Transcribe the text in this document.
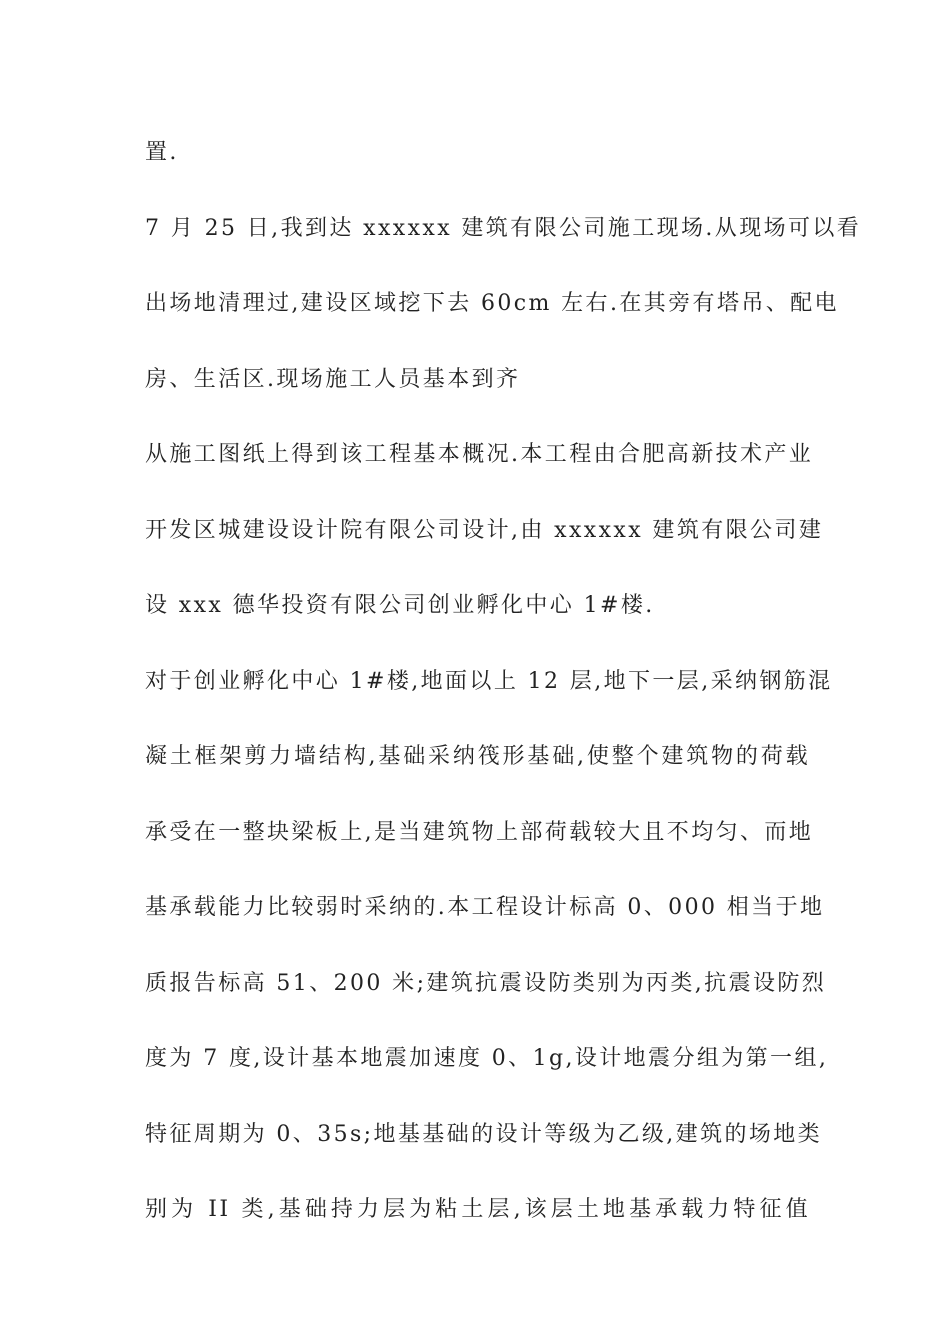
置.
7 月 25 日,我到达 xxxxxx 建筑有限公司施工现场.从现场可以看
出场地清理过,建设区域挖下去 60cm 左右.在其旁有塔吊、配电
房、生活区.现场施工人员基本到齐
从施工图纸上得到该工程基本概况.本工程由合肥高新技术产业
开发区城建设设计院有限公司设计,由 xxxxxx 建筑有限公司建
设 xxx 德华投资有限公司创业孵化中心 1#楼.
对于创业孵化中心 1#楼,地面以上 12 层,地下一层,采纳钢筋混
凝土框架剪力墙结构,基础采纳筏形基础,使整个建筑物的荷载
承受在一整块梁板上,是当建筑物上部荷载较大且不均匀、而地
基承载能力比较弱时采纳的.本工程设计标高 0、000 相当于地
质报告标高 51、200 米;建筑抗震设防类别为丙类,抗震设防烈
度为 7 度,设计基本地震加速度 0、1g,设计地震分组为第一组,
特征周期为 0、35s;地基基础的设计等级为乙级,建筑的场地类
别为 II 类,基础持力层为粘土层,该层土地基承载力特征值
